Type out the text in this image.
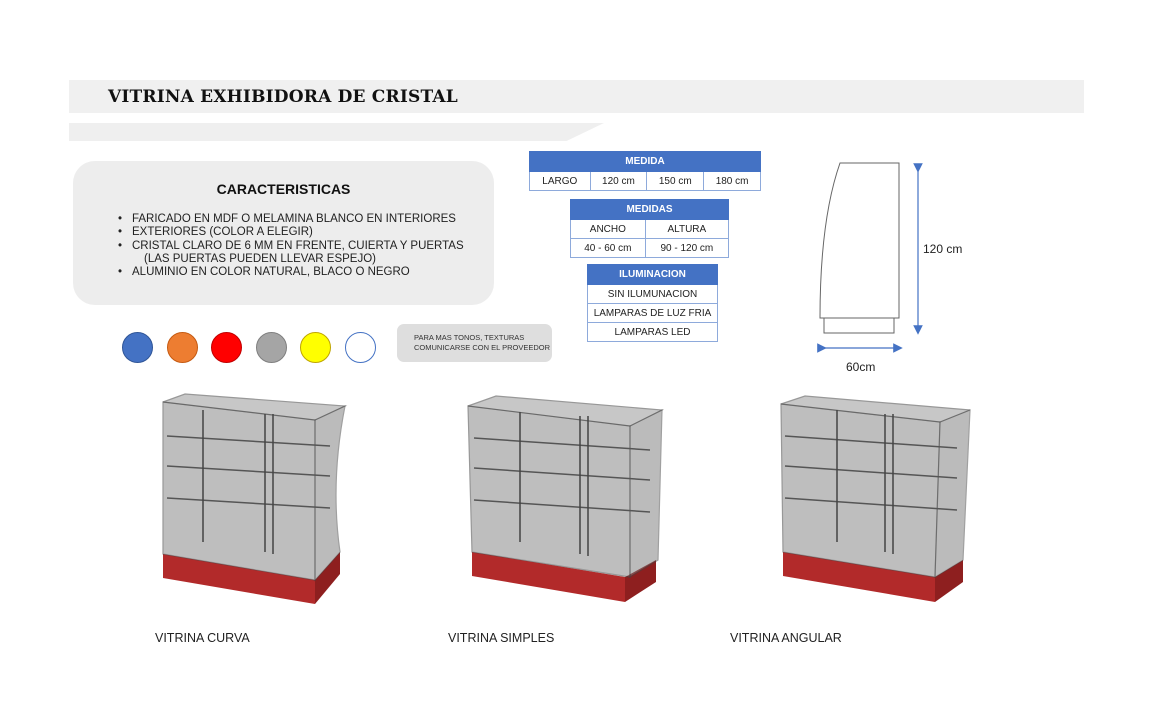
VITRINA EXHIBIDORA DE CRISTAL
CARACTERISTICAS
• FARICADO EN MDF O MELAMINA BLANCO EN INTERIORES
• EXTERIORES (COLOR A ELEGIR)
• CRISTAL CLARO DE 6 MM EN FRENTE, CUIERTA Y PUERTAS
(LAS PUERTAS PUEDEN LLEVAR ESPEJO)
• ALUMINIO EN COLOR NATURAL, BLACO O NEGRO
PARA MAS TONOS, TEXTURAS
COMUNICARSE CON EL PROVEEDOR
MEDIDA
LARGO	120 cm	150 cm	180 cm
MEDIDAS	
ANCHO	ALTURA
40 - 60 cm	90 - 120 cm
ILUMINACION
SIN ILUMUNACION
LAMPARAS DE LUZ FRIA
LAMPARAS LED
120 cm
60cm
VITRINA CURVA	VITRINA SIMPLES	VITRINA ANGULAR
